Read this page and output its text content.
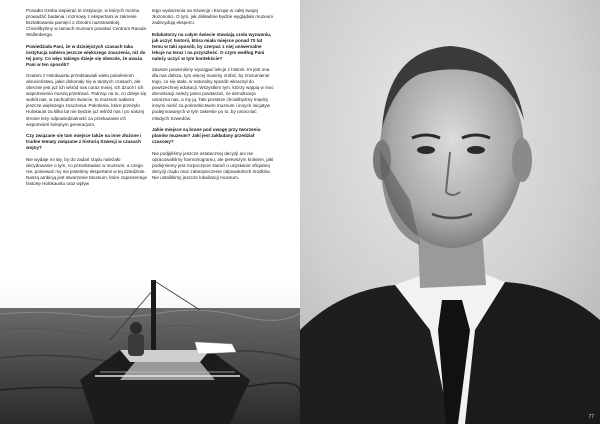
Ponadto trzeba wspierać te instytucje, w których można prowadzić badania i rozmowy z ekspertami w zakresie kształtowania pamięci o zbrodni nazistowskiej. Chcielibyśmy w ramach muzeum powołać Centrum Raoula Wallenberga.

Powiedziała Pani, że w dzisiejszych czasach taka instytucja nabiera jeszcze większego znaczenia, niż do tej pory. Co więc takiego dzieje się obecnie, że uważa Pani w ten sposób?

Ocaleni z Holokaustu przedstawiali wielu pokoleniom okrucieństwa, jakie dokonały się w tamtych czasach, ale obecnie jest już ich wśród nas coraz mniej. Ich dzuch i ich wspomnienia muszą przetrwać. Patrząc na to, co dzieje się wokół nas, w zachodnim świecie, to muzeum nabiera jeszcze większego znaczenia. Pokolenia, które przeżyło Holokaust za kilka lat nie będzie już wśród nas i po naszej stronie leży odpowiedzialność za przekazanie ich wspomnień kolejnym generacjom.

Czy związane się tam miejsce także na inne złożone i trudne tematy związane z historią Szwecji w czasach wojny?

Nie wydaje mi się, by do zadań rządu należało decydowanie o tym, co przedstawiać w muzeum, a czego nie, ponieważ my nie jesteśmy ekspertami w tej dziedzinie. Naszą ambicją jest stworzenie Muzeum, które zaprezentuje historię Holokaustu oraz wpływ

tego wydarzenia na Szwecję i Europę w całej swojej złożoności. O tym, jak dokładnie będzie wyglądało muzeum zadecydują eksperci.

Edukatorzy na całym świecie stawiają czoła wyzwaniu, jak uczyć historii, która miała miejsce ponad 70 lat temu w taki sposób, by czerpać z niej uniwersalne lekcje na teraz i na przyszłość. O czym według Pani należy uczyć w tym kontekście?

Zawsze powinniśmy wyciągać lekcje z historii. Im jest ona dla nas dalsza, tym więcej musimy zrobić, by zrozumienie tego, co się stało, w naturalny sposób wkraczył do powszechnej edukacji. Wszystkim tym, którzy wątpią w moc demokracji należy jasno powtarzać, że demokracja umarzna nas, a my ją. Taki prostsze chcielibyśmy między innymi nieść za pośrednictwem muzeum i innych inicjatyw podejmowanych w tym zakresie po to, by umacniać młodych Szwedów.

Jakie miejsce są brane pod uwagę przy tworzeniu planów muzeum? Jaki jest zakładany przedział czasowy?

Nie podjęliśmy jeszcze ostatecznej decyzji ani nie opracowaliśmy harmonogramu, ale pierwszym krokiem, jaki podejmiemy jest rozpoczęcie starań o uzyskanie oficjalnej decyzji rządu oraz zabezpieczenie odpowiednich środków. Nie ustaliliśmy jeszcze lokalizacji muzeum.

77
